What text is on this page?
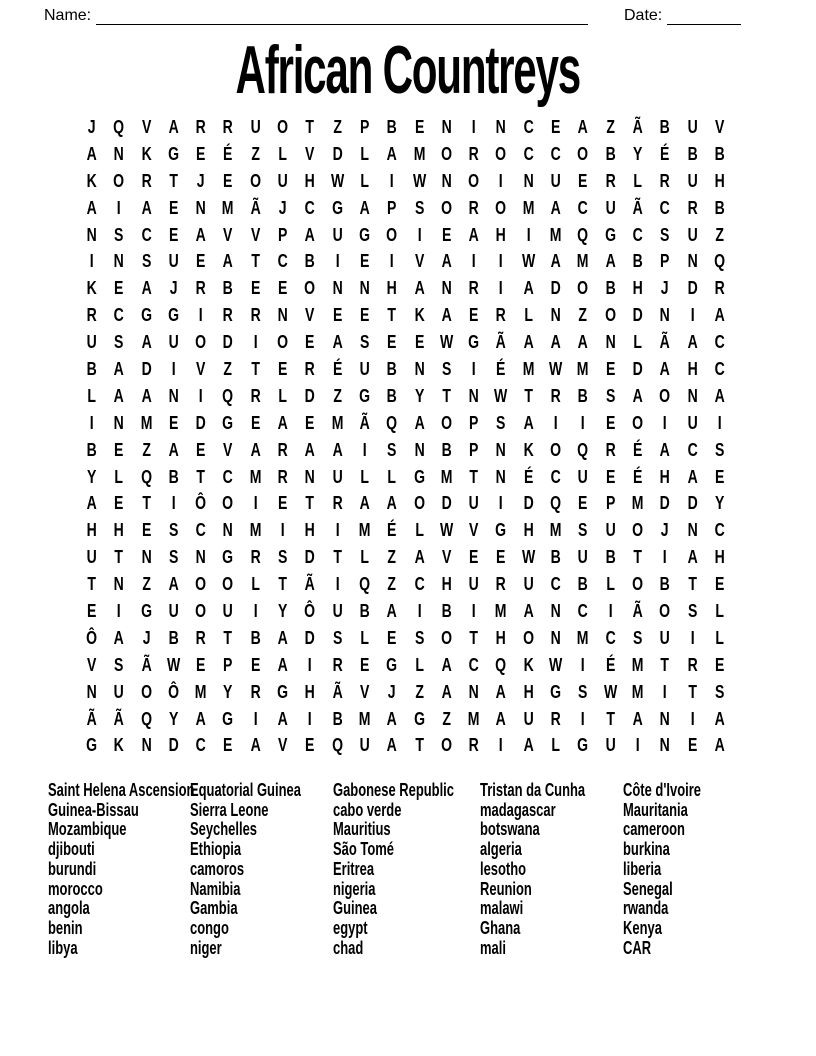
Name:	Date:
African Countreys
J Q V A R R U O T	Z	P B E N	I	N C E A Z Ã B U V
A N K G E É	Z	L	V D L A M O R O C C O B Y É B B
K O R T	J	E O U H W L	I	W N O	I	N U E R L R U H
A	I	A E N M Ã	J	C G A P S O R O M A C U Ã C R B
N S C E A V V P A U G O	I	E A H	I	M Q G C S U Z
I	N S U E A T C B	I	E	I	V A	I	I	W A M A B P N Q
K E A	J	R B E E O N N H A N R	I	A D O B H	J	D R
R C G G	I	R R N V E E	T K A E R L N Z O D N	I	A
U S A U O D	I	O E A S E E W G Ã A A A N L Ã A C
B A D	I	V	Z	T	E R É U B N S	I	É M W M E D A H C
L A A N	I	Q R L D Z G B Y	T N W T R B S A O N A
I	N M E D G E A E M Ã Q A O P S A	I	I	E O	I	U	I
B E	Z A E V A R A A	I	S N B P N K O Q R É A C S
Y	L Q B T C M R N U L	L G M T N É C U E É H A E
A E	T	I	Ô O	I	E	T R A A O D U	I	D Q E P M D D Y
H H E S C N M	I	H	I	M É	L W V G H M S U O J	N C
U T N S N G R S D T	L	Z A V E E W B U B T	I	A H
T N Z A O O L	T Ã	I	Q Z C H U R U C B L O B T	E
E	I	G U O U	I	Y Ô U B A	I	B	I	M A N C	I	Ã O S	L
Ô A	J	B R T B A D S	L	E S O T H O N M C S U	I	L
V S Ã W E P E A	I	R E G L A C Q K W	I	É M T R E
N U O Ô M Y R G H Ã V	J	Z A N A H G S W M	I	T	S
Ã Ã Q Y A G	I	A	I	B M A G Z M A U R	I	T A N	I	A
G K N D C E A V E Q U A T O R	I	A L G U	I	N E A
Saint Helena Ascension
Guinea-Bissau
Mozambique
djibouti
burundi
morocco
angola
benin
libya
Equatorial Guinea
Sierra Leone
Seychelles
Ethiopia
camoros
Namibia
Gambia
congo
niger
Gabonese Republic
cabo verde
Mauritius
São Tomé
Eritrea
nigeria
Guinea
egypt
chad
Tristan da Cunha
madagascar
botswana
algeria
lesotho
Reunion
malawi
Ghana
mali
Côte d'Ivoire
Mauritania
cameroon
burkina
liberia
Senegal
rwanda
Kenya
CAR
